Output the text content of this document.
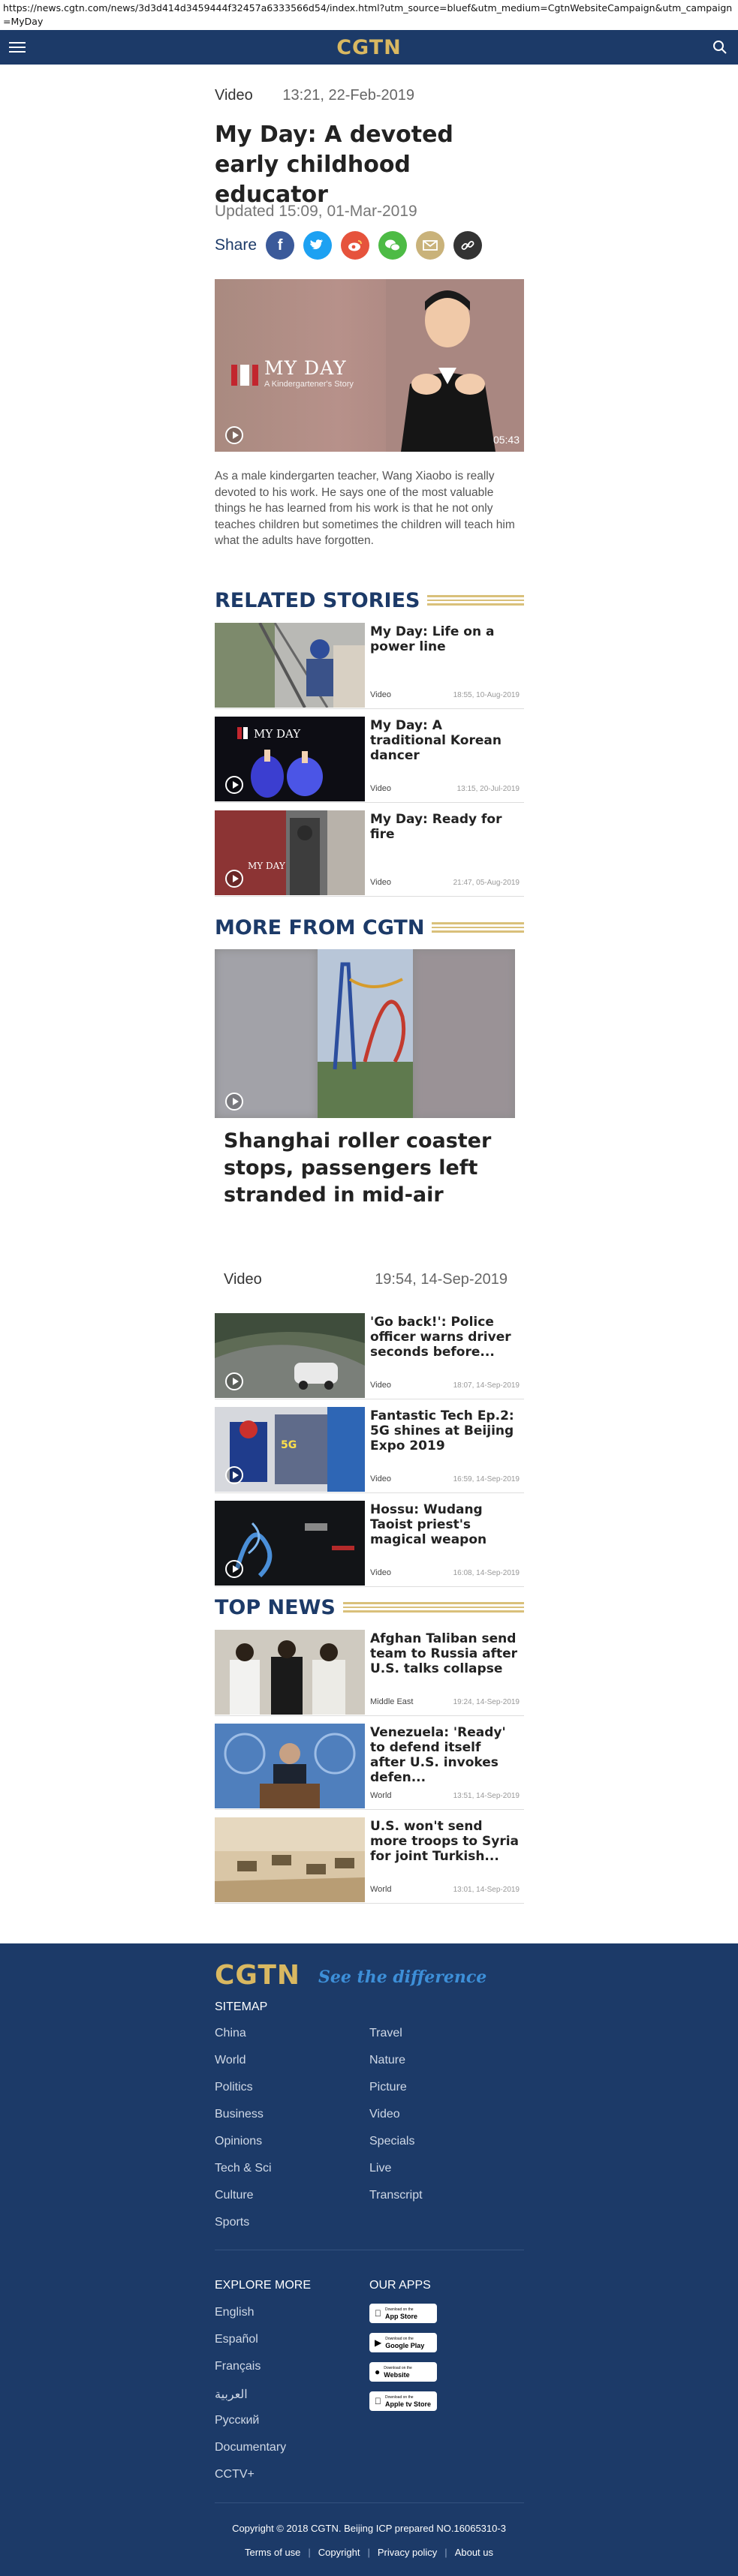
https://news.cgtn.com/news/3d3d414d3459444f32457a6333566d54/index.html?utm_source=bluef&utm_medium=CgtnWebsiteCampaign&utm_campaign=MyDay
CGTN
Video 13:21, 22-Feb-2019
My Day: A devoted early childhood educator
Updated 15:09, 01-Mar-2019
Share	f
MY DAY
A Kindergartener's Story
05:43

As a male kindergarten teacher, Wang Xiaobo is really devoted to his work. He says one of the most valuable things he has learned from his work is that he not only teaches children but sometimes the children will teach him what the adults have forgotten.

RELATED STORIES
My Day: Life on a power line
Video	18:55, 10-Aug-2019
MY DAY
My Day: A traditional Korean dancer
Video	13:15, 20-Jul-2019
MY DAY
My Day: Ready for fire
Video	21:47, 05-Aug-2019
MORE FROM CGTN
Shanghai roller coaster stops, passengers left stranded in mid-air
Video	19:54, 14-Sep-2019
'Go back!': Police officer warns driver seconds before...
Video	18:07, 14-Sep-2019
5G
Fantastic Tech Ep.2: 5G shines at Beijing Expo 2019
Video	16:59, 14-Sep-2019
Hossu: Wudang Taoist priest's magical weapon
Video	16:08, 14-Sep-2019
TOP NEWS
Afghan Taliban send team to Russia after U.S. talks collapse
Middle East	19:24, 14-Sep-2019
Venezuela: 'Ready' to defend itself after U.S. invokes defen...
World	13:51, 14-Sep-2019
U.S. won't send more troops to Syria for joint Turkish...
World	13:01, 14-Sep-2019
CGTN See the difference
SITEMAP
China
World
Politics
Business
Opinions
Tech & Sci
Culture
Sports
Travel
Nature
Picture
Video
Specials
Live
Transcript
EXPLORE MORE	OUR APPS
English
Español
Français
العربية
Русский
Documentary
CCTV+
Download on the
App Store
▶ Download on the
Google Play
● Download on the
Website
Download on the
Apple tv Store
Copyright © 2018 CGTN. Beijing ICP prepared NO.16065310-3
Terms of use | Copyright | Privacy policy | About us
